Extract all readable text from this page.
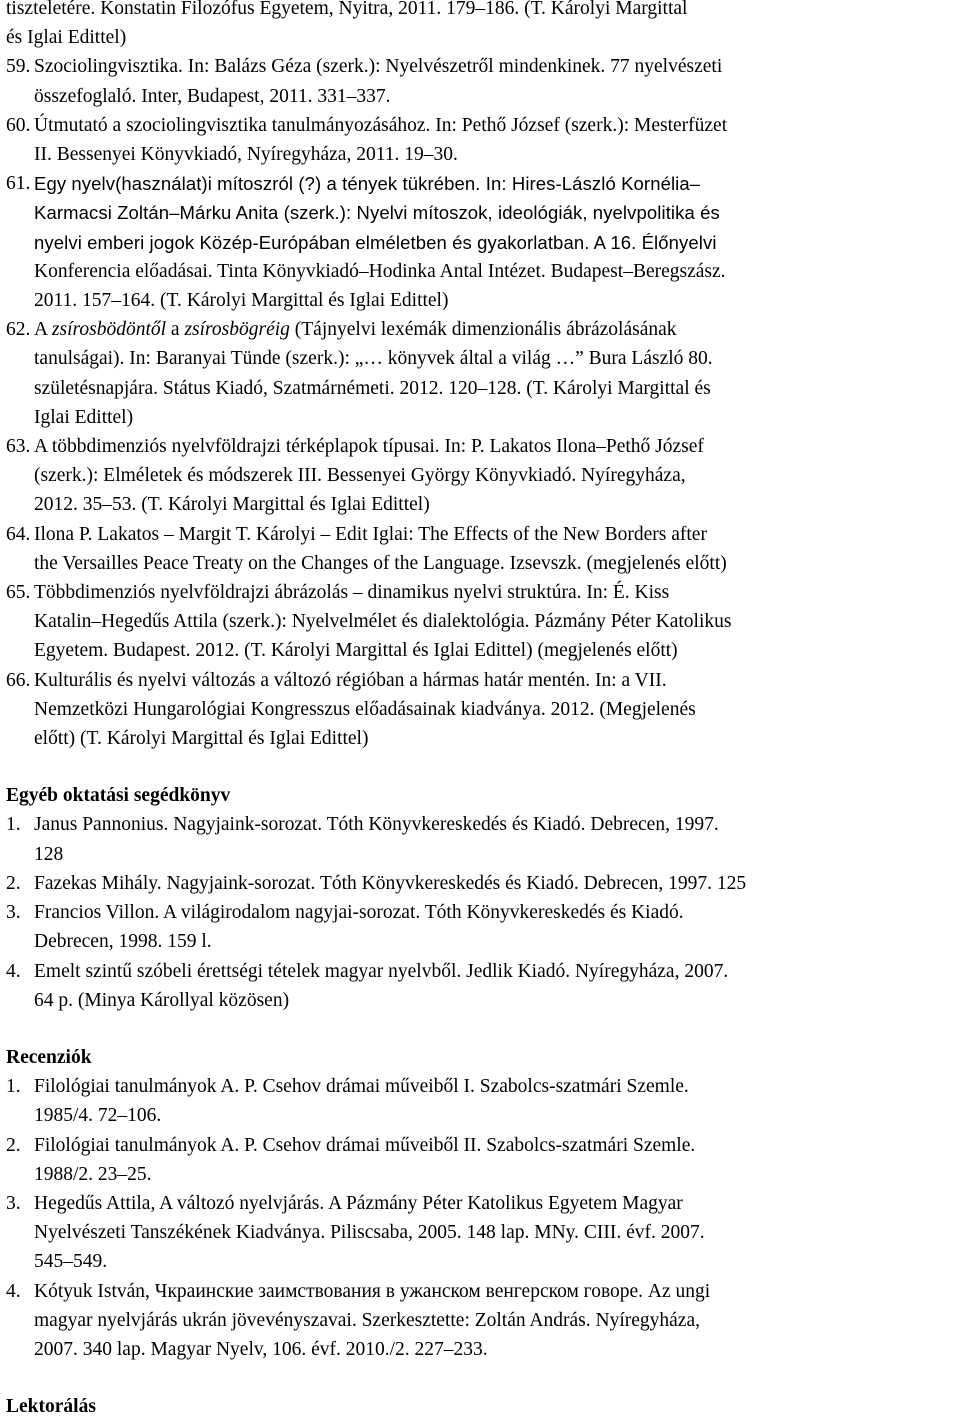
tiszteletére. Konstatin Filozófus Egyetem, Nyitra, 2011. 179–186. (T. Károlyi Margittal
és Iglai Edittel)
59. Szociolingvisztika. In: Balázs Géza (szerk.): Nyelvészetről mindenkinek. 77 nyelvészeti
összefoglaló. Inter, Budapest, 2011. 331–337.
60. Útmutató a szociolingvisztika tanulmányozásához. In: Pethő József (szerk.): Mesterfüzet
II. Bessenyei Könyvkiadó, Nyíregyháza, 2011. 19–30.
61. Egy nyelv(használat)i mítoszról (?) a tények tükrében. In: Hires-László Kornélia–
Karmacsi Zoltán–Márku Anita (szerk.): Nyelvi mítoszok, ideológiák, nyelvpolitika és
nyelvi emberi jogok Közép-Európában elméletben és gyakorlatban. A 16. Élőnyelvi
Konferencia előadásai. Tinta Könyvkiadó–Hodinka Antal Intézet. Budapest–Beregszász.
2011. 157–164. (T. Károlyi Margittal és Iglai Edittel)
62. A zsírosbödöntől a zsírosbögréig (Tájnyelvi lexémák dimenzionális ábrázolásának
tanulságai). In: Baranyai Tünde (szerk.): „… könyvek által a világ …” Bura László 80.
születésnapjára. Státus Kiadó, Szatmárnémeti. 2012. 120–128. (T. Károlyi Margittal és
Iglai Edittel)
63. A többdimenziós nyelvföldrajzi térképlapok típusai. In: P. Lakatos Ilona–Pethő József
(szerk.): Elméletek és módszerek III. Bessenyei György Könyvkiadó. Nyíregyháza,
2012. 35–53. (T. Károlyi Margittal és Iglai Edittel)
64. Ilona P. Lakatos – Margit T. Károlyi – Edit Iglai: The Effects of the New Borders after
the Versailles Peace Treaty on the Changes of the Language. Izsevszk. (megjelenés előtt)
65. Többdimenziós nyelvföldrajzi ábrázolás – dinamikus nyelvi struktúra. In: É. Kiss
Katalin–Hegedűs Attila (szerk.): Nyelvelmélet és dialektológia. Pázmány Péter Katolikus
Egyetem. Budapest. 2012. (T. Károlyi Margittal és Iglai Edittel) (megjelenés előtt)
66. Kulturális és nyelvi változás a változó régióban a hármas határ mentén. In: a VII.
Nemzetközi Hungarológiai Kongresszus előadásainak kiadványa. 2012. (Megjelenés
előtt) (T. Károlyi Margittal és Iglai Edittel)
Egyéb oktatási segédkönyv
1. Janus Pannonius. Nagyjaink-sorozat. Tóth Könyvkereskedés és Kiadó. Debrecen, 1997.
128
2. Fazekas Mihály. Nagyjaink-sorozat. Tóth Könyvkereskedés és Kiadó. Debrecen, 1997. 125
3. Francios Villon. A világirodalom nagyjai-sorozat. Tóth Könyvkereskedés és Kiadó.
Debrecen, 1998. 159 l.
4. Emelt szintű szóbeli érettségi tételek magyar nyelvből. Jedlik Kiadó. Nyíregyháza, 2007.
64 p. (Minya Károllyal közösen)
Recenziók
1. Filológiai tanulmányok A. P. Csehov drámai műveiből I. Szabolcs-szatmári Szemle.
1985/4. 72–106.
2. Filológiai tanulmányok A. P. Csehov drámai műveiből II. Szabolcs-szatmári Szemle.
1988/2. 23–25.
3. Hegedűs Attila, A változó nyelvjárás. A Pázmány Péter Katolikus Egyetem Magyar
Nyelvészeti Tanszékének Kiadványa. Piliscsaba, 2005. 148 lap. MNy. CIII. évf. 2007.
545–549.
4. Kótyuk István, Чкраинские заимствования в ужанском венгерском говоре. Az ungi
magyar nyelvjárás ukrán jövevényszavai. Szerkesztette: Zoltán András. Nyíregyháza,
2007. 340 lap. Magyar Nyelv, 106. évf. 2010./2. 227–233.
Lektorálás
